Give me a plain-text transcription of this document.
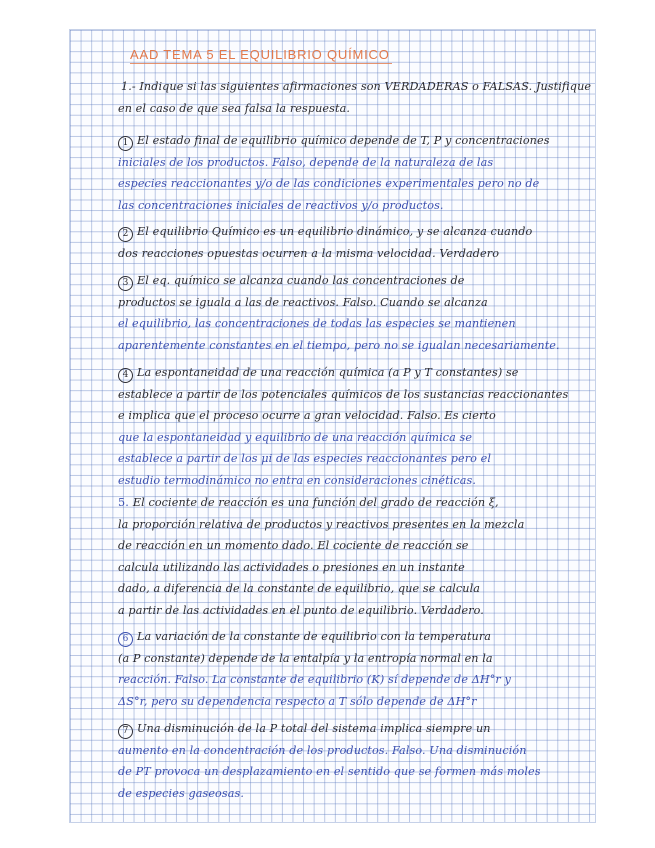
AAD TEMA 5 EL EQUILIBRIO QUÍMICO
1.- Indique si las siguientes afirmaciones son VERDADERAS o FALSAS. Justifique
en el caso de que sea falsa la respuesta.
1 El estado final de equilibrio químico depende de T, P y concentraciones
iniciales de los productos. Falso, depende de la naturaleza de las
especies reaccionantes y/o de las condiciones experimentales pero no de
las concentraciones iniciales de reactivos y/o productos.
2 El equilibrio Químico es un equilibrio dinámico, y se alcanza cuando
dos reacciones opuestas ocurren a la misma velocidad. Verdadero
3 El eq. químico se alcanza cuando las concentraciones de
productos se iguala a las de reactivos. Falso. Cuando se alcanza
el equilibrio, las concentraciones de todas las especies se mantienen
aparentemente constantes en el tiempo, pero no se igualan necesariamente.
4 La espontaneidad de una reacción química (a P y T constantes) se
establece a partir de los potenciales químicos de los sustancias reaccionantes
e implica que el proceso ocurre a gran velocidad. Falso. Es cierto
que la espontaneidad y equilibrio de una reacción química se
establece a partir de los μi de las especies reaccionantes pero el
estudio termodinámico no entra en consideraciones cinéticas.
5. El cociente de reacción es una función del grado de reacción ξ,
la proporción relativa de productos y reactivos presentes en la mezcla
de reacción en un momento dado. El cociente de reacción se
calcula utilizando las actividades o presiones en un instante
dado, a diferencia de la constante de equilibrio, que se calcula
a partir de las actividades en el punto de equilibrio. Verdadero.
6 La variación de la constante de equilibrio con la temperatura
(a P constante) depende de la entalpía y la entropía normal en la
reacción. Falso. La constante de equilibrio (K) sí depende de ΔH°r y
ΔS°r, pero su dependencia respecto a T sólo depende de ΔH°r
7 Una disminución de la P total del sistema implica siempre un
aumento en la concentración de los productos. Falso. Una disminución
de PT provoca un desplazamiento en el sentido que se formen más moles
de especies gaseosas.
